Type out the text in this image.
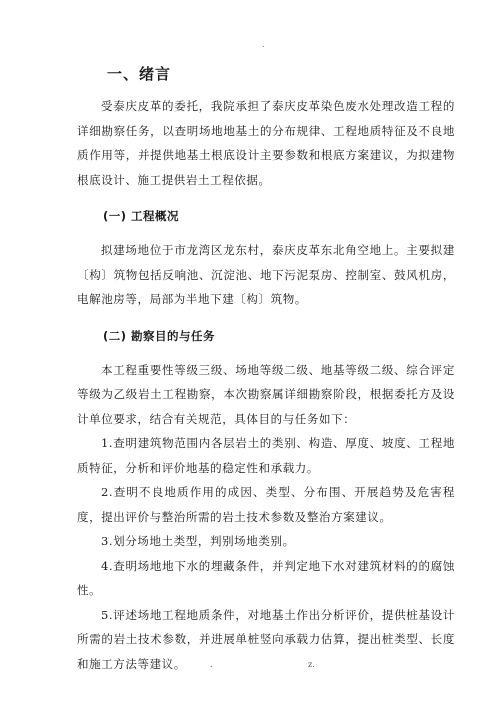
.
一、绪言

受泰庆皮革的委托，我院承担了泰庆皮革染色废水处理改造工程的详细勘察任务，以查明场地地基土的分布规律、工程地质特征及不良地质作用等，并提供地基土根底设计主要参数和根底方案建议，为拟建物根底设计、施工提供岩土工程依据。

(一) 工程概况

拟建场地位于市龙湾区龙东村，泰庆皮革东北角空地上。主要拟建〔构〕筑物包括反响池、沉淀池、地下污泥泵房、控制室、鼓风机房，电解池房等，局部为半地下建〔构〕筑物。

(二) 勘察目的与任务

本工程重要性等级三级、场地等级二级、地基等级二级、综合评定等级为乙级岩土工程勘察，本次勘察属详细勘察阶段，根据委托方及设计单位要求，结合有关规范，具体目的与任务如下：

1.查明建筑物范围内各层岩土的类别、构造、厚度、坡度、工程地质特征，分析和评价地基的稳定性和承载力。

2.查明不良地质作用的成因、类型、分布围、开展趋势及危害程度，提出评价与整治所需的岩土技术参数及整治方案建议。

3.划分场地土类型，判别场地类别。

4.查明场地地下水的埋藏条件，并判定地下水对建筑材料的的腐蚀性。

5.评述场地工程地质条件，对地基土作出分析评价，提供桩基设计所需的岩土技术参数，并进展单桩竖向承载力估算，提出桩类型、长度和施工方法等建议。	.	z.
